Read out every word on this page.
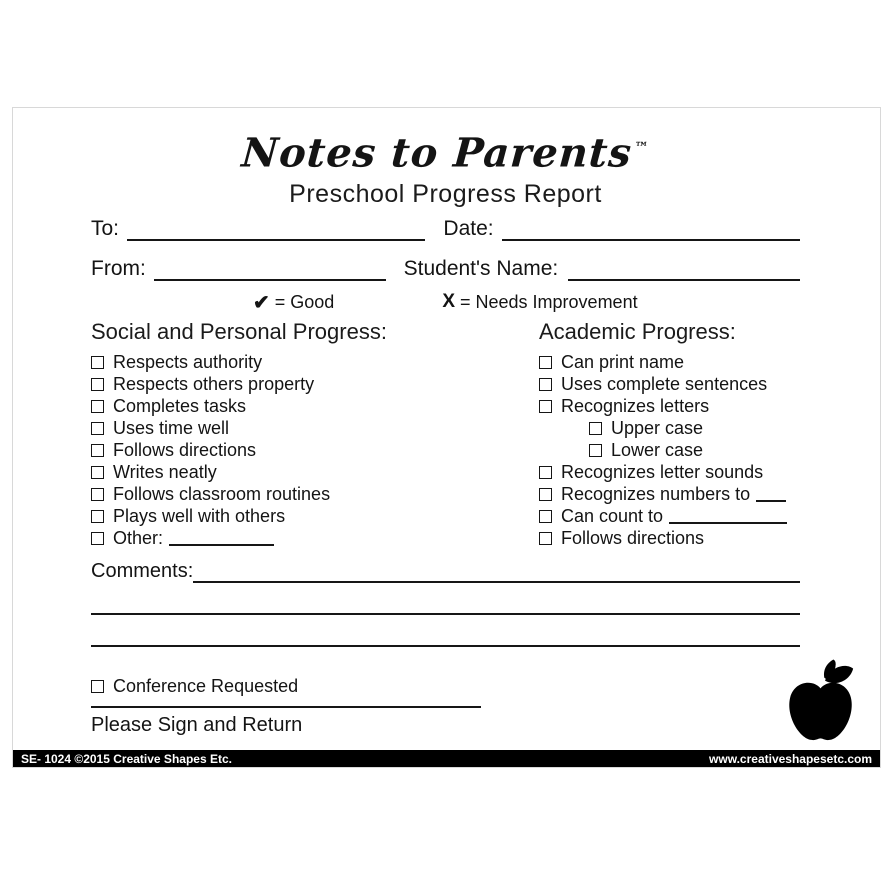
Notes to Parents™
Preschool Progress Report
To:	Date:
From:	Student's Name:
✔ = Good	X = Needs Improvement
Social and Personal Progress:
Respects authority
Respects others property
Completes tasks
Uses time well
Follows directions
Writes neatly
Follows classroom routines
Plays well with others
Other:
Academic Progress:
Can print name
Uses complete sentences
Recognizes letters
Upper case
Lower case
Recognizes letter sounds
Recognizes numbers to
Can count to
Follows directions
Comments:
Conference Requested
Please Sign and Return
SE- 1024 ©2015 Creative Shapes Etc.	www.creativeshapesetc.com
